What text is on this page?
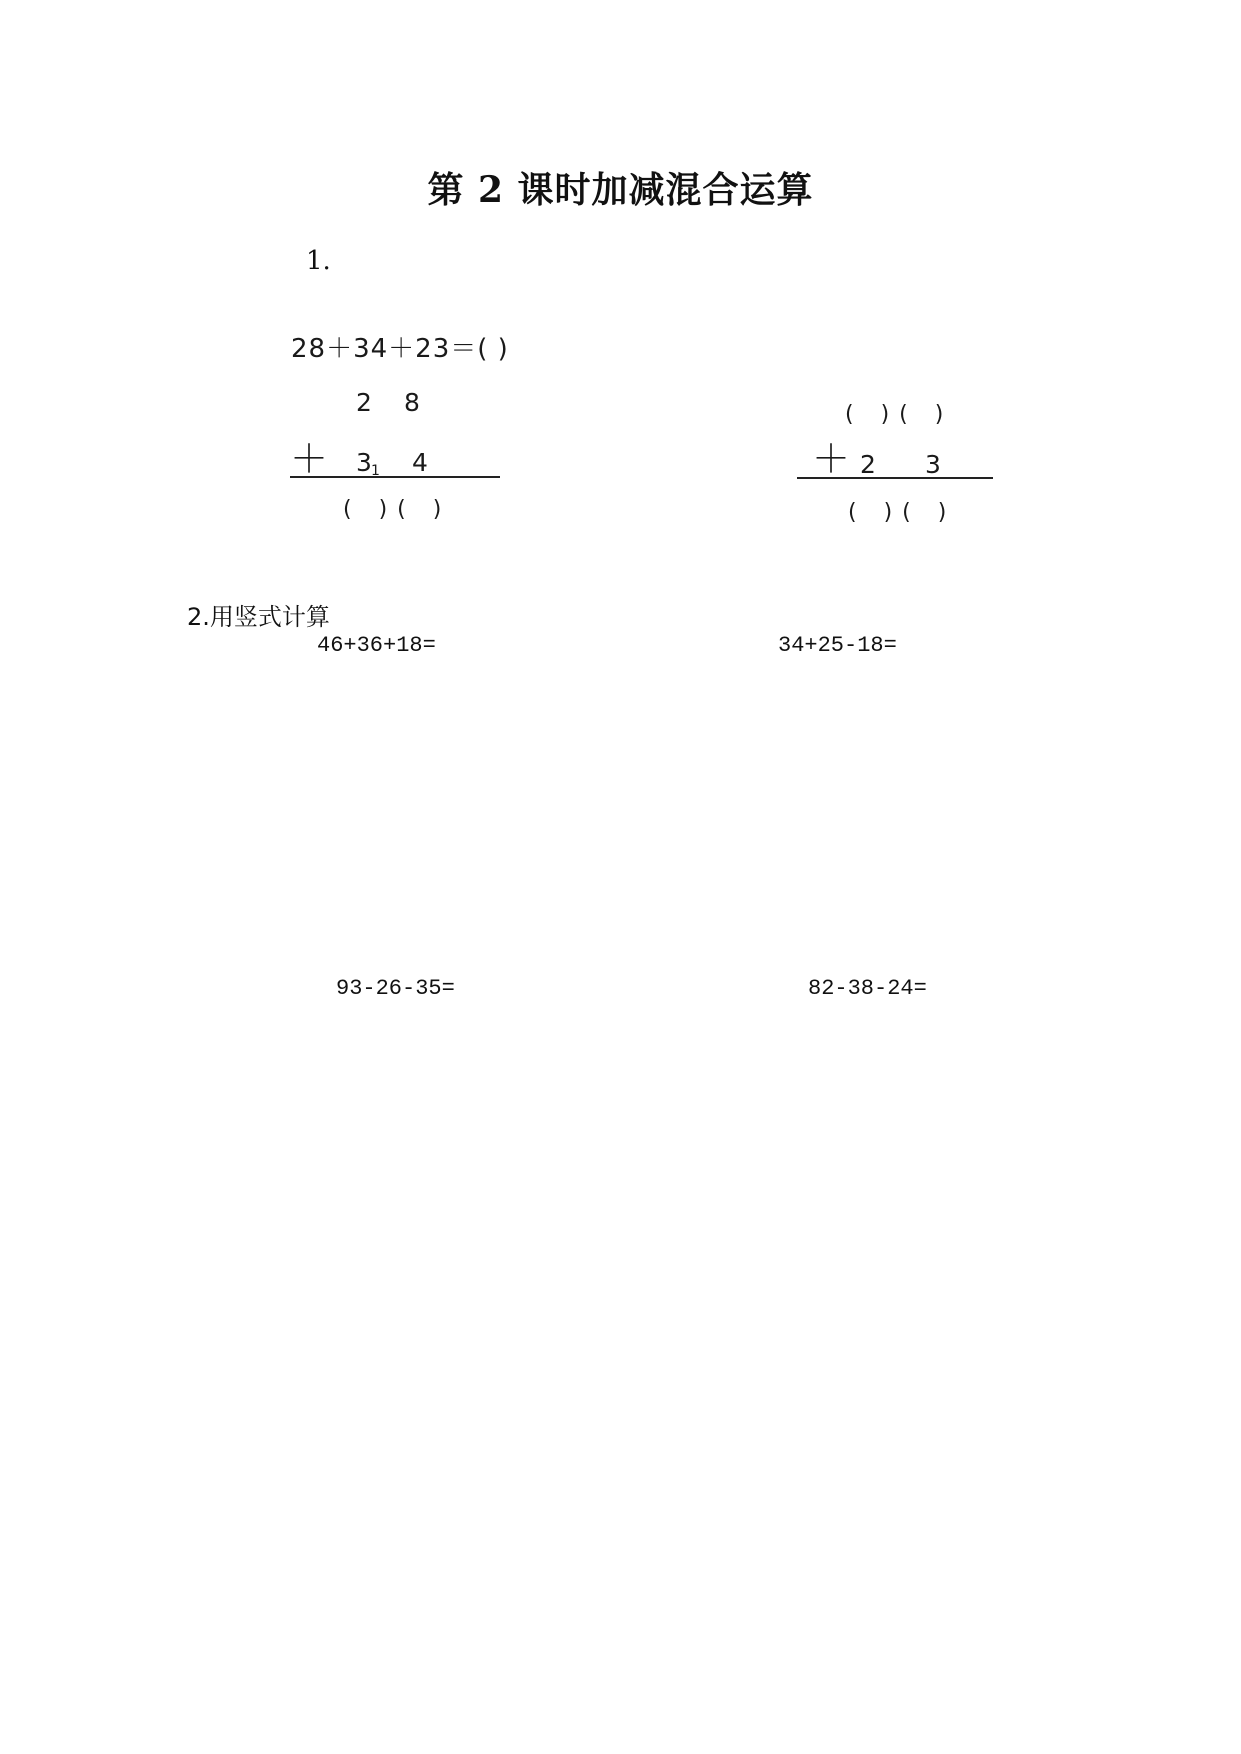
第 2 课时加减混合运算
1.
28＋34＋23＝( )
2 8
＋ 3 1 4
( )( )
( )( )
＋ 2 3
( )( )
2.用竖式计算
46+36+18=	34+25-18=
93-26-35=	82-38-24=
